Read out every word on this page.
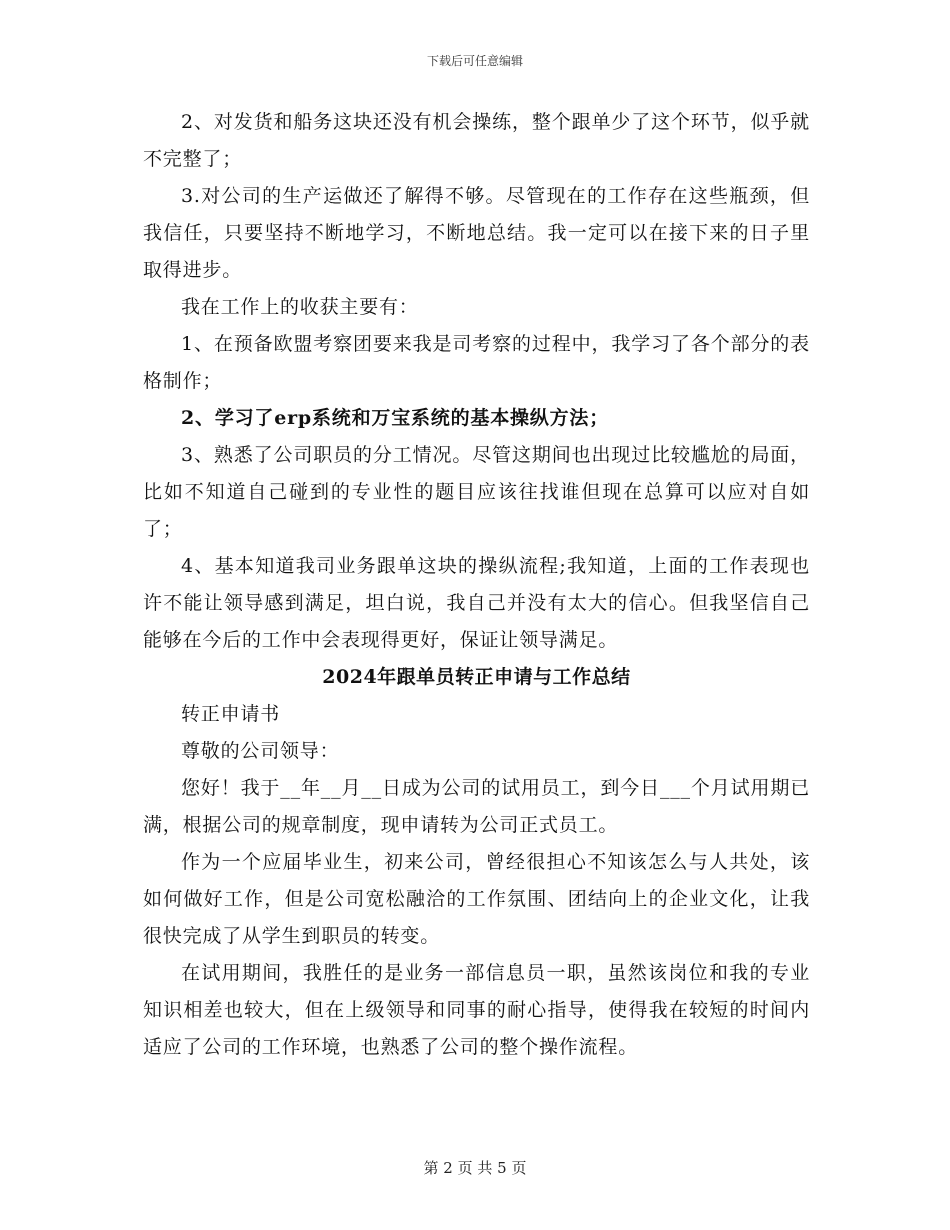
下载后可任意编辑

2、对发货和船务这块还没有机会操练，整个跟单少了这个环节，似乎就不完整了；

3.对公司的生产运做还了解得不够。尽管现在的工作存在这些瓶颈，但我信任，只要坚持不断地学习，不断地总结。我一定可以在接下来的日子里取得进步。

我在工作上的收获主要有：

1、在预备欧盟考察团要来我是司考察的过程中，我学习了各个部分的表格制作；

2、学习了erp系统和万宝系统的基本操纵方法；

3、熟悉了公司职员的分工情况。尽管这期间也出现过比较尴尬的局面，比如不知道自己碰到的专业性的题目应该往找谁但现在总算可以应对自如了；

4、基本知道我司业务跟单这块的操纵流程;我知道，上面的工作表现也许不能让领导感到满足，坦白说，我自己并没有太大的信心。但我坚信自己能够在今后的工作中会表现得更好，保证让领导满足。

2024年跟单员转正申请与工作总结

转正申请书

尊敬的公司领导：

您好！我于__年__月__日成为公司的试用员工，到今日___个月试用期已满，根据公司的规章制度，现申请转为公司正式员工。

作为一个应届毕业生，初来公司，曾经很担心不知该怎么与人共处，该如何做好工作，但是公司宽松融洽的工作氛围、团结向上的企业文化，让我很快完成了从学生到职员的转变。

在试用期间，我胜任的是业务一部信息员一职，虽然该岗位和我的专业知识相差也较大，但在上级领导和同事的耐心指导，使得我在较短的时间内适应了公司的工作环境，也熟悉了公司的整个操作流程。

第 2 页 共 5 页
